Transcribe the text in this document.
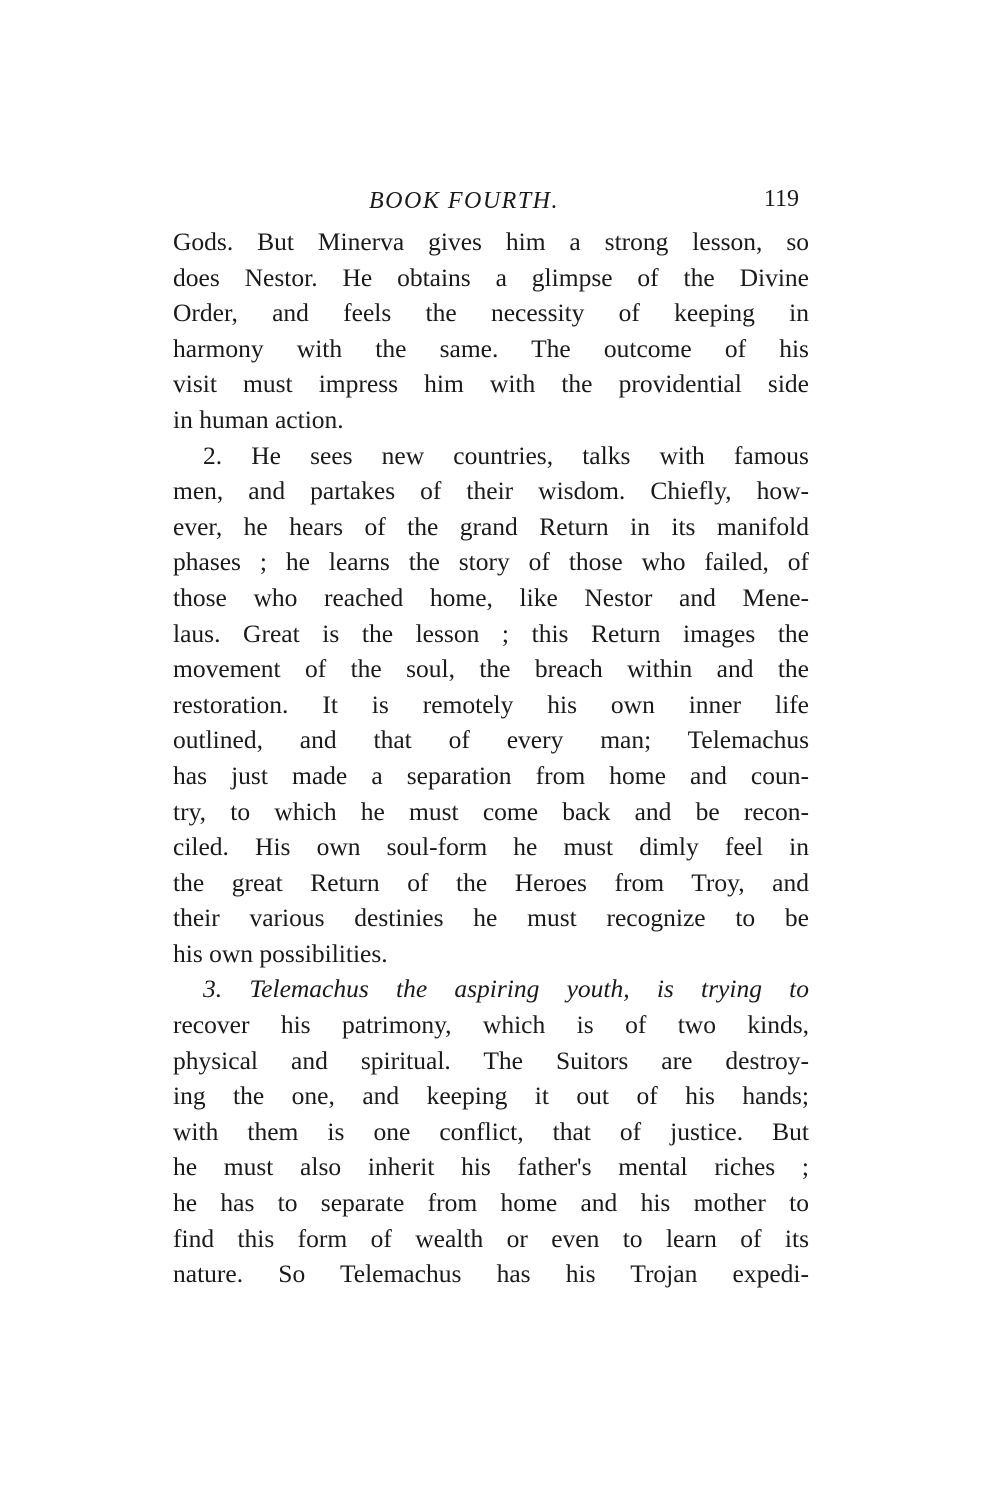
BOOK FOURTH.	119
Gods. But Minerva gives him a strong lesson, so
does Nestor. He obtains a glimpse of the Divine
Order, and feels the necessity of keeping in
harmony with the same. The outcome of his
visit must impress him with the providential side
in human action.
2. He sees new countries, talks with famous
men, and partakes of their wisdom. Chiefly, how-
ever, he hears of the grand Return in its manifold
phases ; he learns the story of those who failed, of
those who reached home, like Nestor and Mene-
laus. Great is the lesson ; this Return images the
movement of the soul, the breach within and the
restoration. It is remotely his own inner life
outlined, and that of every man; Telemachus
has just made a separation from home and coun-
try, to which he must come back and be recon-
ciled. His own soul-form he must dimly feel in
the great Return of the Heroes from Troy, and
their various destinies he must recognize to be
his own possibilities.
3. Telemachus the aspiring youth, is trying to
recover his patrimony, which is of two kinds,
physical and spiritual. The Suitors are destroy-
ing the one, and keeping it out of his hands;
with them is one conflict, that of justice. But
he must also inherit his father's mental riches ;
he has to separate from home and his mother to
find this form of wealth or even to learn of its
nature. So Telemachus has his Trojan expedi-
